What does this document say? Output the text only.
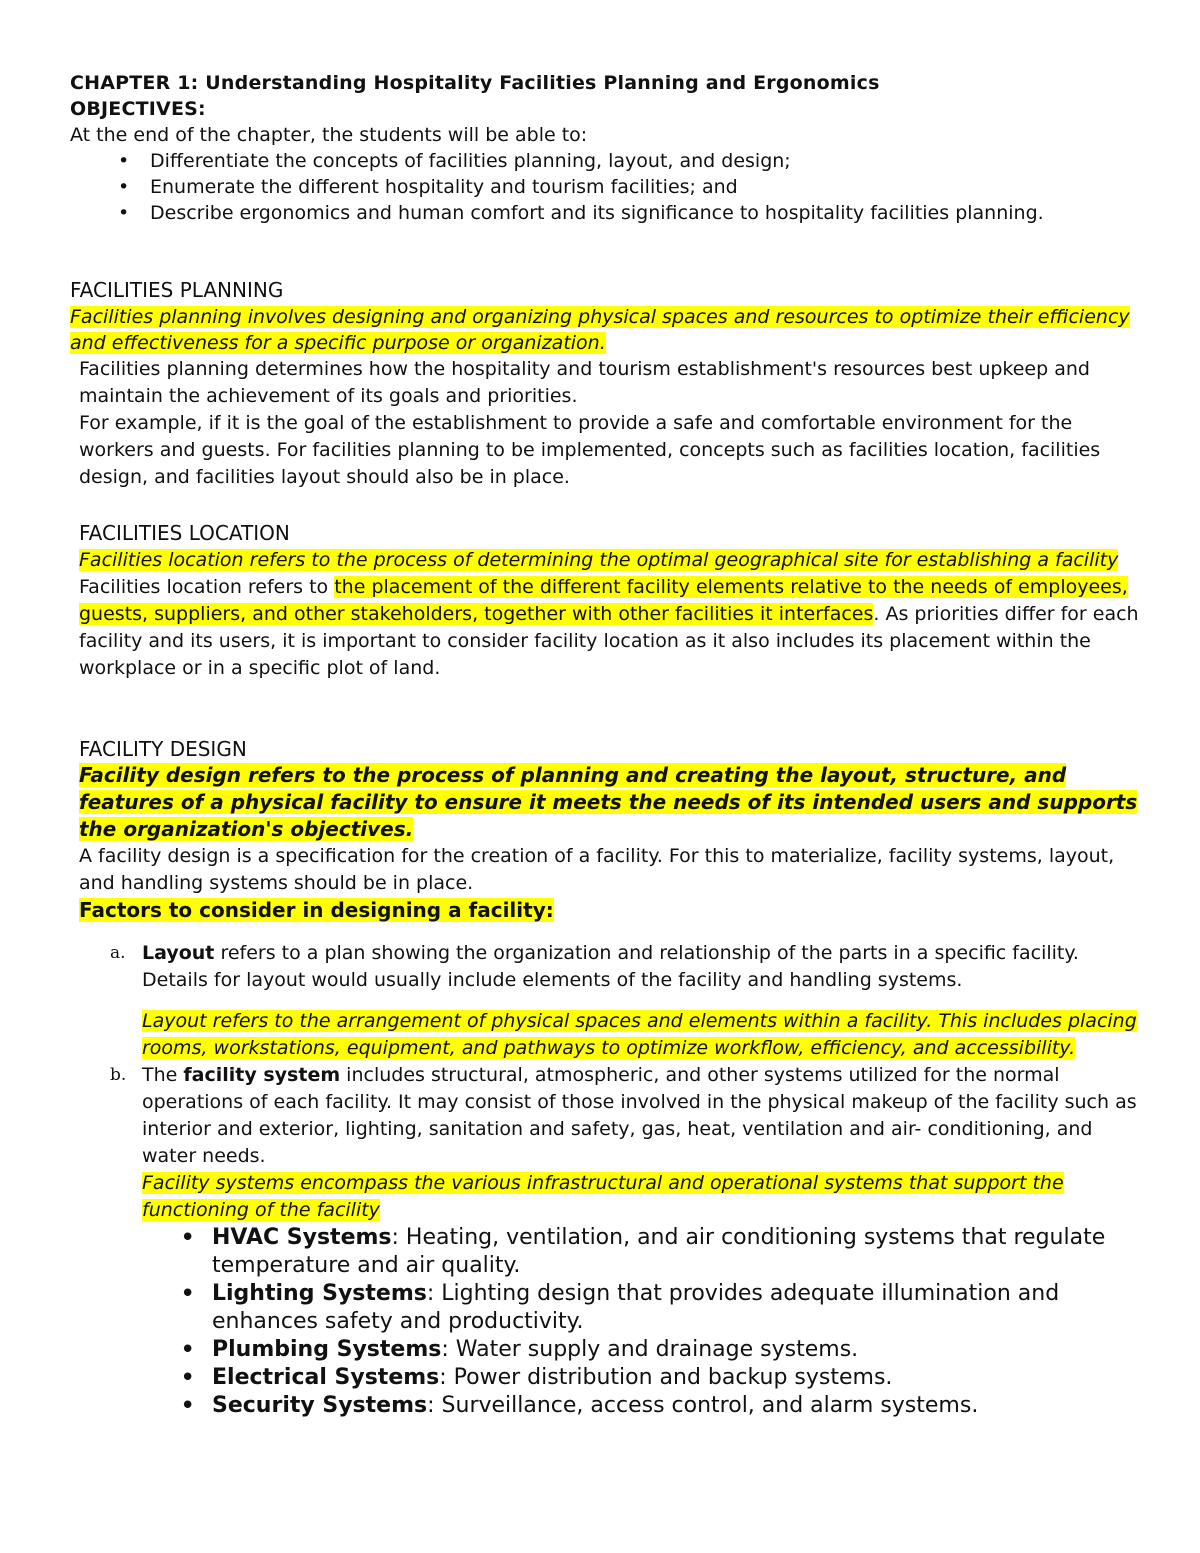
CHAPTER 1: Understanding Hospitality Facilities Planning and Ergonomics
OBJECTIVES:

At the end of the chapter, the students will be able to:

• Differentiate the concepts of facilities planning, layout, and design;
• Enumerate the different hospitality and tourism facilities; and
• Describe ergonomics and human comfort and its significance to hospitality facilities planning.
FACILITIES PLANNING

Facilities planning involves designing and organizing physical spaces and resources to optimize their efficiency and effectiveness for a specific purpose or organization.

Facilities planning determines how the hospitality and tourism establishment's resources best upkeep and maintain the achievement of its goals and priorities.

For example, if it is the goal of the establishment to provide a safe and comfortable environment for the workers and guests. For facilities planning to be implemented, concepts such as facilities location, facilities design, and facilities layout should also be in place.

FACILITIES LOCATION

Facilities location refers to the process of determining the optimal geographical site for establishing a facility

Facilities location refers to the placement of the different facility elements relative to the needs of employees, guests, suppliers, and other stakeholders, together with other facilities it interfaces. As priorities differ for each facility and its users, it is important to consider facility location as it also includes its placement within the workplace or in a specific plot of land.

FACILITY DESIGN

Facility design refers to the process of planning and creating the layout, structure, and features of a physical facility to ensure it meets the needs of its intended users and supports the organization's objectives.

A facility design is a specification for the creation of a facility. For this to materialize, facility systems, layout, and handling systems should be in place.

Factors to consider in designing a facility:

a. Layout refers to a plan showing the organization and relationship of the parts in a specific facility. Details for layout would usually include elements of the facility and handling systems.

Layout refers to the arrangement of physical spaces and elements within a facility. This includes placing rooms, workstations, equipment, and pathways to optimize workflow, efficiency, and accessibility.

b. The facility system includes structural, atmospheric, and other systems utilized for the normal operations of each facility. It may consist of those involved in the physical makeup of the facility such as interior and exterior, lighting, sanitation and safety, gas, heat, ventilation and air- conditioning, and water needs.

Facility systems encompass the various infrastructural and operational systems that support the functioning of the facility

• HVAC Systems: Heating, ventilation, and air conditioning systems that regulate temperature and air quality.
• Lighting Systems: Lighting design that provides adequate illumination and enhances safety and productivity.
• Plumbing Systems: Water supply and drainage systems.
• Electrical Systems: Power distribution and backup systems.
• Security Systems: Surveillance, access control, and alarm systems.
